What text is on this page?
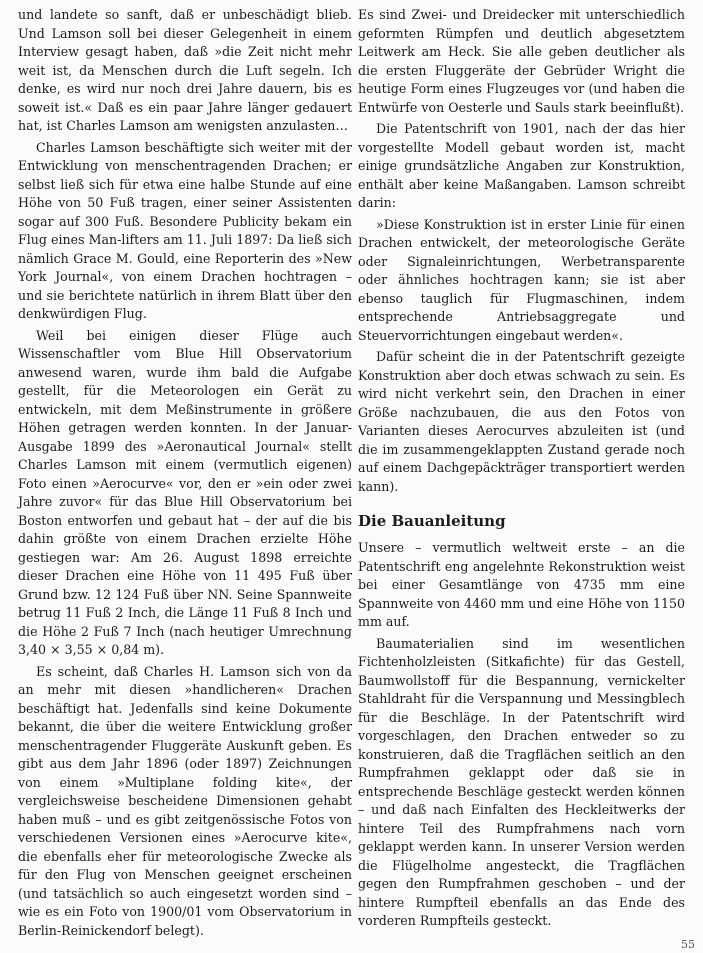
und landete so sanft, daß er unbeschädigt blieb. Und Lamson soll bei dieser Gelegenheit in einem Interview gesagt haben, daß »die Zeit nicht mehr weit ist, da Menschen durch die Luft segeln. Ich denke, es wird nur noch drei Jahre dauern, bis es soweit ist.« Daß es ein paar Jahre länger gedauert hat, ist Charles Lamson am wenigsten anzulasten…

Charles Lamson beschäftigte sich weiter mit der Entwicklung von menschentragenden Drachen; er selbst ließ sich für etwa eine halbe Stunde auf eine Höhe von 50 Fuß tragen, einer seiner Assistenten sogar auf 300 Fuß. Besondere Publicity bekam ein Flug eines Man-lifters am 11. Juli 1897: Da ließ sich nämlich Grace M. Gould, eine Reporterin des »New York Journal«, von einem Drachen hochtragen – und sie berichtete natürlich in ihrem Blatt über den denkwürdigen Flug.

Weil bei einigen dieser Flüge auch Wissenschaftler vom Blue Hill Observatorium anwesend waren, wurde ihm bald die Aufgabe gestellt, für die Meteorologen ein Gerät zu entwickeln, mit dem Meßinstrumente in größere Höhen getragen werden konnten. In der Januar-Ausgabe 1899 des »Aeronautical Journal« stellt Charles Lamson mit einem (vermutlich eigenen) Foto einen »Aerocurve« vor, den er »ein oder zwei Jahre zuvor« für das Blue Hill Observatorium bei Boston entworfen und gebaut hat – der auf die bis dahin größte von einem Drachen erzielte Höhe gestiegen war: Am 26. August 1898 erreichte dieser Drachen eine Höhe von 11 495 Fuß über Grund bzw. 12 124 Fuß über NN. Seine Spannweite betrug 11 Fuß 2 Inch, die Länge 11 Fuß 8 Inch und die Höhe 2 Fuß 7 Inch (nach heutiger Umrechnung 3,40 × 3,55 × 0,84 m).

Es scheint, daß Charles H. Lamson sich von da an mehr mit diesen »handlicheren« Drachen beschäftigt hat. Jedenfalls sind keine Dokumente bekannt, die über die weitere Entwicklung großer menschentragender Fluggeräte Auskunft geben. Es gibt aus dem Jahr 1896 (oder 1897) Zeichnungen von einem »Multiplane folding kite«, der vergleichsweise bescheidene Dimensionen gehabt haben muß – und es gibt zeitgenössische Fotos von verschiedenen Versionen eines »Aerocurve kite«, die ebenfalls eher für meteorologische Zwecke als für den Flug von Menschen geeignet erscheinen (und tatsächlich so auch eingesetzt worden sind – wie es ein Foto von 1900/01 vom Observatorium in Berlin-Reinickendorf belegt).

Es sind Zwei- und Dreidecker mit unterschiedlich geformten Rümpfen und deutlich abgesetztem Leitwerk am Heck. Sie alle geben deutlicher als die ersten Fluggeräte der Gebrüder Wright die heutige Form eines Flugzeuges vor (und haben die Entwürfe von Oesterle und Sauls stark beeinflußt).

Die Patentschrift von 1901, nach der das hier vorgestellte Modell gebaut worden ist, macht einige grundsätzliche Angaben zur Konstruktion, enthält aber keine Maßangaben. Lamson schreibt darin:

»Diese Konstruktion ist in erster Linie für einen Drachen entwickelt, der meteorologische Geräte oder Signaleinrichtungen, Werbetransparente oder ähnliches hochtragen kann; sie ist aber ebenso tauglich für Flugmaschinen, indem entsprechende Antriebsaggregate und Steuervorrichtungen eingebaut werden«.

Dafür scheint die in der Patentschrift gezeigte Konstruktion aber doch etwas schwach zu sein. Es wird nicht verkehrt sein, den Drachen in einer Größe nachzubauen, die aus den Fotos von Varianten dieses Aerocurves abzuleiten ist (und die im zusammengeklappten Zustand gerade noch auf einem Dachgepäckträger transportiert werden kann).

Die Bauanleitung

Unsere – vermutlich weltweit erste – an die Patentschrift eng angelehnte Rekonstruktion weist bei einer Gesamtlänge von 4735 mm eine Spannweite von 4460 mm und eine Höhe von 1150 mm auf.

Baumaterialien sind im wesentlichen Fichtenholzleisten (Sitkafichte) für das Gestell, Baumwollstoff für die Bespannung, vernickelter Stahldraht für die Verspannung und Messingblech für die Beschläge. In der Patentschrift wird vorgeschlagen, den Drachen entweder so zu konstruieren, daß die Tragflächen seitlich an den Rumpfrahmen geklappt oder daß sie in entsprechende Beschläge gesteckt werden können – und daß nach Einfalten des Heckleitwerks der hintere Teil des Rumpfrahmens nach vorn geklappt werden kann. In unserer Version werden die Flügelholme angesteckt, die Tragflächen gegen den Rumpfrahmen geschoben – und der hintere Rumpfteil ebenfalls an das Ende des vorderen Rumpfteils gesteckt.

55
